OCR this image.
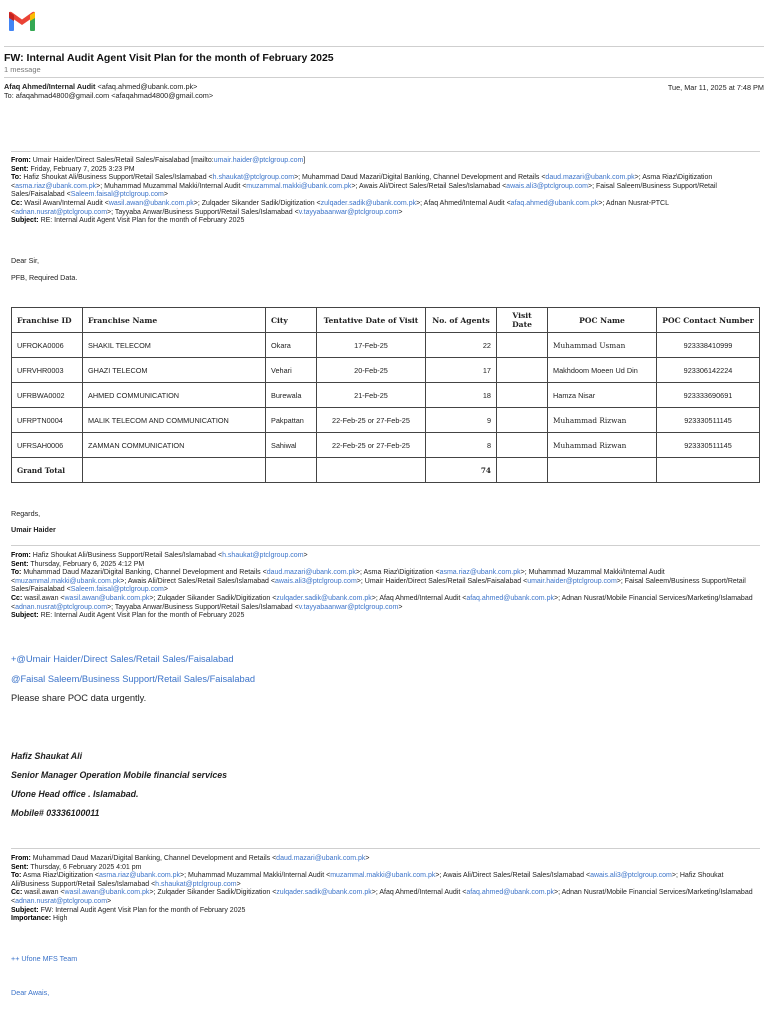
FW: Internal Audit Agent Visit Plan for the month of February 2025
1 message
Afaq Ahmed/Internal Audit <afaq.ahmed@ubank.com.pk>
To: afaqahmad4800@gmail.com <afaqahmad4800@gmail.com>
Tue, Mar 11, 2025 at 7:48 PM
From: Umair Haider/Direct Sales/Retail Sales/Faisalabad [mailto:umair.haider@ptclgroup.com]
Sent: Friday, February 7, 2025 3:23 PM
To: Hafiz Shoukat Ali/Business Support/Retail Sales/Islamabad <h.shaukat@ptclgroup.com>; Muhammad Daud Mazari/Digital Banking, Channel Development and Retails <daud.mazari@ubank.com.pk>; Asma Riaz\Digitization <asma.riaz@ubank.com.pk>; Muhammad Muzammal Makki/Internal Audit <muzammal.makki@ubank.com.pk>; Awais Ali/Direct Sales/Retail Sales/Islamabad <awais.ali3@ptclgroup.com>; Faisal Saleem/Business Support/Retail Sales/Faisalabad <Saleem.faisal@ptclgroup.com>
Cc: Wasil Awan/Internal Audit <wasil.awan@ubank.com.pk>; Zulqader Sikander Sadik/Digitization <zulqader.sadik@ubank.com.pk>; Afaq Ahmed/Internal Audit <afaq.ahmed@ubank.com.pk>; Adnan Nusrat-PTCL <adnan.nusrat@ptclgroup.com>; Tayyaba Anwar/Business Support/Retail Sales/Islamabad <v.tayyabaanwar@ptclgroup.com>
Subject: RE: Internal Audit Agent Visit Plan for the month of February 2025
Dear Sir,
PFB, Required Data.
Franchise ID	Franchise Name	City	Tentative Date of Visit	No. of Agents	Visit Date	POC Name	POC Contact Number
UFROKA0006	SHAKIL TELECOM	Okara	17-Feb-25	22		Muhammad Usman	923338410999
UFRVHR0003	GHAZI TELECOM	Vehari	20-Feb-25	17		Makhdoom Moeen Ud Din	923306142224
UFRBWA0002	AHMED COMMUNICATION	Burewala	21-Feb-25	18		Hamza Nisar	923333690691
UFRPTN0004	MALIK TELECOM AND COMMUNICATION	Pakpattan	22-Feb-25 or 27-Feb-25	9		Muhammad Rizwan	923330511145
UFRSAH0006	ZAMMAN COMMUNICATION	Sahiwal	22-Feb-25 or 27-Feb-25	8		Muhammad Rizwan	923330511145
Grand Total				74			
Regards,
Umair Haider
From: Hafiz Shoukat Ali/Business Support/Retail Sales/Islamabad <h.shaukat@ptclgroup.com>
Sent: Thursday, February 6, 2025 4:12 PM
To: Muhammad Daud Mazari/Digital Banking, Channel Development and Retails <daud.mazari@ubank.com.pk>; Asma Riaz\Digitization <asma.riaz@ubank.com.pk>; Muhammad Muzammal Makki/Internal Audit <muzammal.makki@ubank.com.pk>; Awais Ali/Direct Sales/Retail Sales/Islamabad <awais.ali3@ptclgroup.com>; Umair Haider/Direct Sales/Retail Sales/Faisalabad <umair.haider@ptclgroup.com>; Faisal Saleem/Business Support/Retail Sales/Faisalabad <Saleem.faisal@ptclgroup.com>
Cc: wasil.awan <wasil.awan@ubank.com.pk>; Zulqader Sikander Sadik/Digitization <zulqader.sadik@ubank.com.pk>; Afaq Ahmed/Internal Audit <afaq.ahmed@ubank.com.pk>; Adnan Nusrat/Mobile Financial Services/Marketing/Islamabad <adnan.nusrat@ptclgroup.com>; Tayyaba Anwar/Business Support/Retail Sales/Islamabad <v.tayyabaanwar@ptclgroup.com>
Subject: RE: Internal Audit Agent Visit Plan for the month of February 2025
+@Umair Haider/Direct Sales/Retail Sales/Faisalabad
@Faisal Saleem/Business Support/Retail Sales/Faisalabad
Please share POC data urgently.
Hafiz Shaukat Ali
Senior Manager Operation Mobile financial services
Ufone Head office . Islamabad.
Mobile# 03336100011
From: Muhammad Daud Mazari/Digital Banking, Channel Development and Retails <daud.mazari@ubank.com.pk>
Sent: Thursday, 6 February 2025 4:01 pm
To: Asma Riaz\Digitization <asma.riaz@ubank.com.pk>; Muhammad Muzammal Makki/Internal Audit <muzammal.makki@ubank.com.pk>; Awais Ali/Direct Sales/Retail Sales/Islamabad <awais.ali3@ptclgroup.com>; Hafiz Shoukat Ali/Business Support/Retail Sales/Islamabad <h.shaukat@ptclgroup.com>
Cc: wasil.awan <wasil.awan@ubank.com.pk>; Zulqader Sikander Sadik/Digitization <zulqader.sadik@ubank.com.pk>; Afaq Ahmed/Internal Audit <afaq.ahmed@ubank.com.pk>; Adnan Nusrat/Mobile Financial Services/Marketing/Islamabad <adnan.nusrat@ptclgroup.com>
Subject: FW: Internal Audit Agent Visit Plan for the month of February 2025
Importance: High
++ Ufone MFS Team
Dear Awais,
